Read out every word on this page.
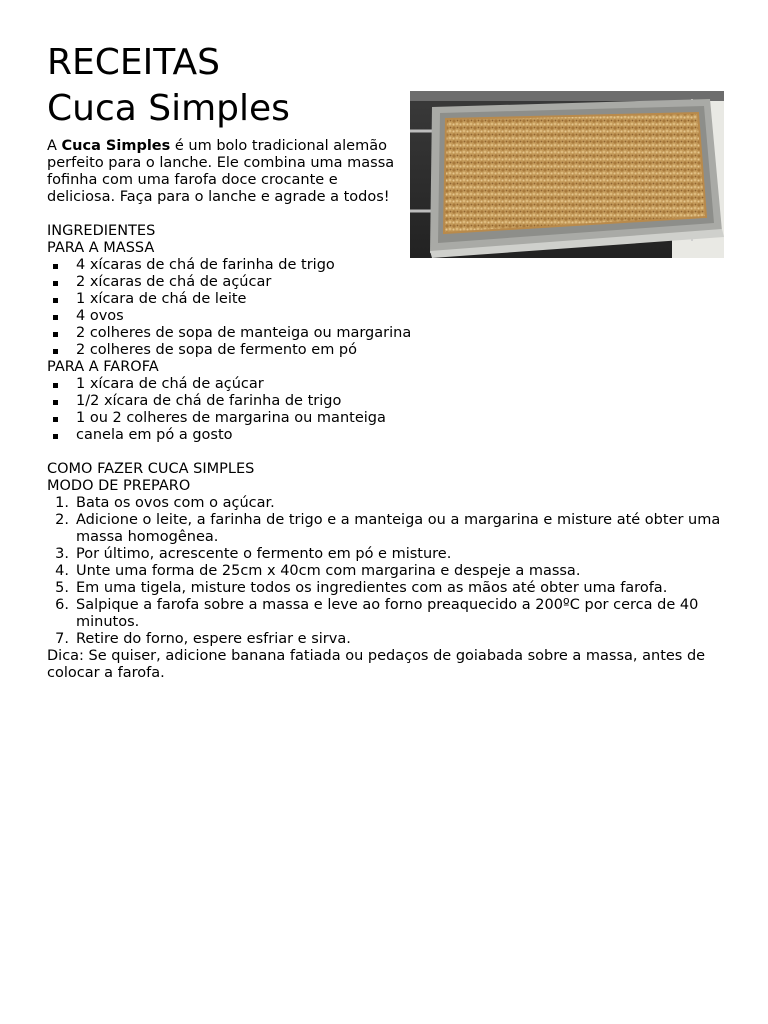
RECEITAS
Cuca Simples
A Cuca Simples é um bolo tradicional alemão perfeito para o lanche. Ele combina uma massa fofinha com uma farofa doce crocante e deliciosa. Faça para o lanche e agrade a todos!
INGREDIENTES
PARA A MASSA
4 xícaras de chá de farinha de trigo
2 xícaras de chá de açúcar
1 xícara de chá de leite
4 ovos
2 colheres de sopa de manteiga ou margarina
2 colheres de sopa de fermento em pó
PARA A FAROFA
1 xícara de chá de açúcar
1/2 xícara de chá de farinha de trigo
1 ou 2 colheres de margarina ou manteiga
canela em pó a gosto
COMO FAZER CUCA SIMPLES
MODO DE PREPARO
1. Bata os ovos com o açúcar.
2. Adicione o leite, a farinha de trigo e a manteiga ou a margarina e misture até obter uma massa homogênea.
3. Por último, acrescente o fermento em pó e misture.
4. Unte uma forma de 25cm x 40cm com margarina e despeje a massa.
5. Em uma tigela, misture todos os ingredientes com as mãos até obter uma farofa.
6. Salpique a farofa sobre a massa e leve ao forno preaquecido a 200ºC por cerca de 40 minutos.
7. Retire do forno, espere esfriar e sirva.
Dica: Se quiser, adicione banana fatiada ou pedaços de goiabada sobre a massa, antes de colocar a farofa.
